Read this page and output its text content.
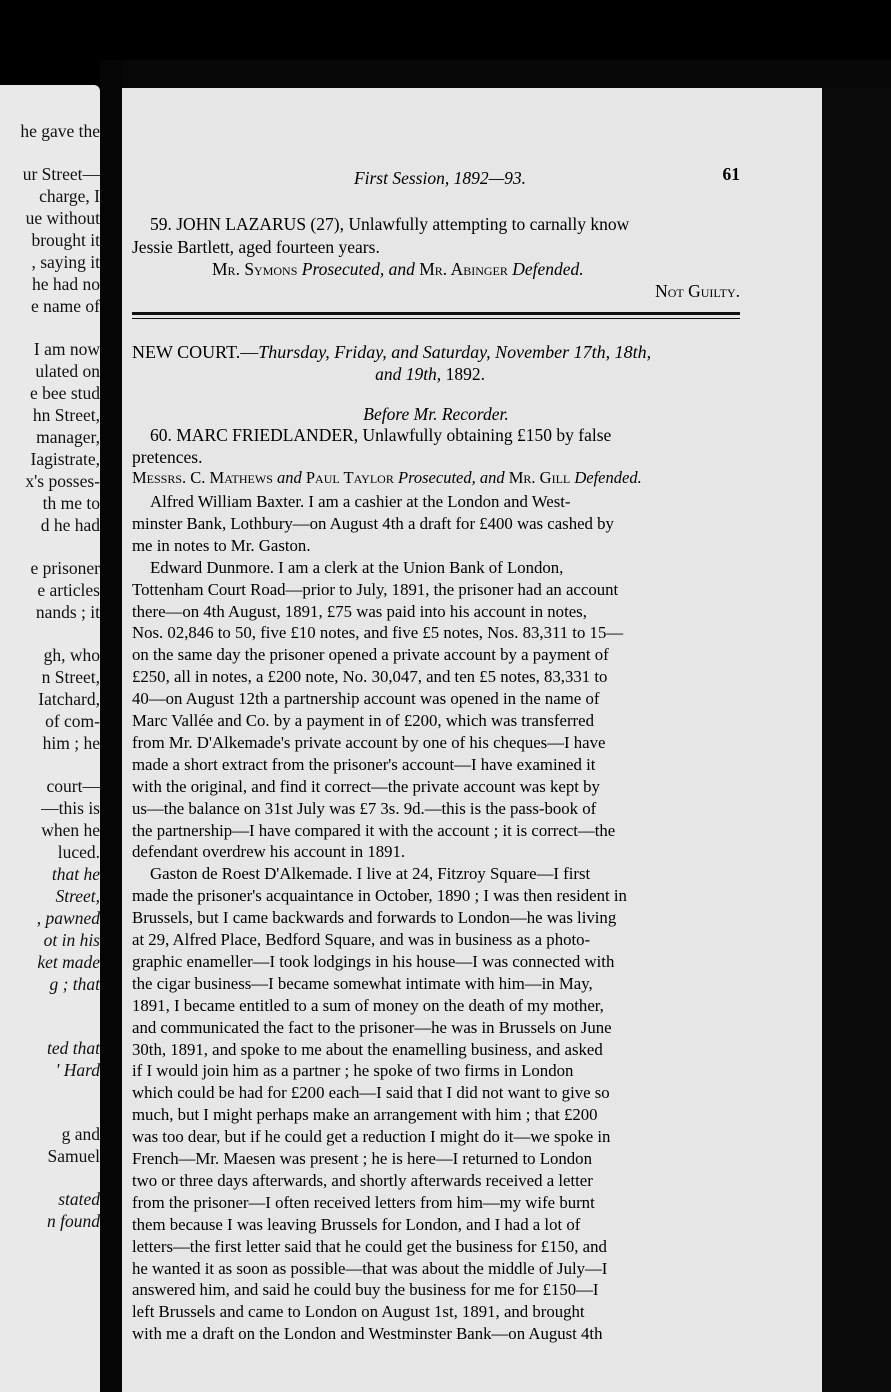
he gave the
ur Street—
charge, I
ue without
brought it
, saying it
he had no
e name of
I am now
ulated on
e bee stud
hn Street,
manager,
Iagistrate,
x's posses-
th me to
d he had
e prisoner
e articles
nands ; it
gh, who
n Street,
Iatchard,
of com-
him ; he
court—
—this is
when he
luced.
that he
Street,
, pawned
ot in his
ket made
g ; that
ted that
' Hard
g and
Samuel
stated
n found
First Session, 1892—93.	61
59. JOHN LAZARUS (27), Unlawfully attempting to carnally know
Jessie Bartlett, aged fourteen years.
Mr. Symons Prosecuted, and Mr. Abinger Defended.
Not Guilty.
NEW COURT.—Thursday, Friday, and Saturday, November 17th, 18th,
and 19th, 1892.
Before Mr. Recorder.
60. MARC FRIEDLANDER, Unlawfully obtaining £150 by false
pretences.
Messrs. C. Mathews and Paul Taylor Prosecuted, and Mr. Gill Defended.
Alfred William Baxter. I am a cashier at the London and West-
minster Bank, Lothbury—on August 4th a draft for £400 was cashed by
me in notes to Mr. Gaston.
Edward Dunmore. I am a clerk at the Union Bank of London,
Tottenham Court Road—prior to July, 1891, the prisoner had an account
there—on 4th August, 1891, £75 was paid into his account in notes,
Nos. 02,846 to 50, five £10 notes, and five £5 notes, Nos. 83,311 to 15—
on the same day the prisoner opened a private account by a payment of
£250, all in notes, a £200 note, No. 30,047, and ten £5 notes, 83,331 to
40—on August 12th a partnership account was opened in the name of
Marc Vallée and Co. by a payment in of £200, which was transferred
from Mr. D'Alkemade's private account by one of his cheques—I have
made a short extract from the prisoner's account—I have examined it
with the original, and find it correct—the private account was kept by
us—the balance on 31st July was £7 3s. 9d.—this is the pass-book of
the partnership—I have compared it with the account ; it is correct—the
defendant overdrew his account in 1891.
Gaston de Roest D'Alkemade. I live at 24, Fitzroy Square—I first
made the prisoner's acquaintance in October, 1890 ; I was then resident in
Brussels, but I came backwards and forwards to London—he was living
at 29, Alfred Place, Bedford Square, and was in business as a photo-
graphic enameller—I took lodgings in his house—I was connected with
the cigar business—I became somewhat intimate with him—in May,
1891, I became entitled to a sum of money on the death of my mother,
and communicated the fact to the prisoner—he was in Brussels on June
30th, 1891, and spoke to me about the enamelling business, and asked
if I would join him as a partner ; he spoke of two firms in London
which could be had for £200 each—I said that I did not want to give so
much, but I might perhaps make an arrangement with him ; that £200
was too dear, but if he could get a reduction I might do it—we spoke in
French—Mr. Maesen was present ; he is here—I returned to London
two or three days afterwards, and shortly afterwards received a letter
from the prisoner—I often received letters from him—my wife burnt
them because I was leaving Brussels for London, and I had a lot of
letters—the first letter said that he could get the business for £150, and
he wanted it as soon as possible—that was about the middle of July—I
answered him, and said he could buy the business for me for £150—I
left Brussels and came to London on August 1st, 1891, and brought
with me a draft on the London and Westminster Bank—on August 4th
